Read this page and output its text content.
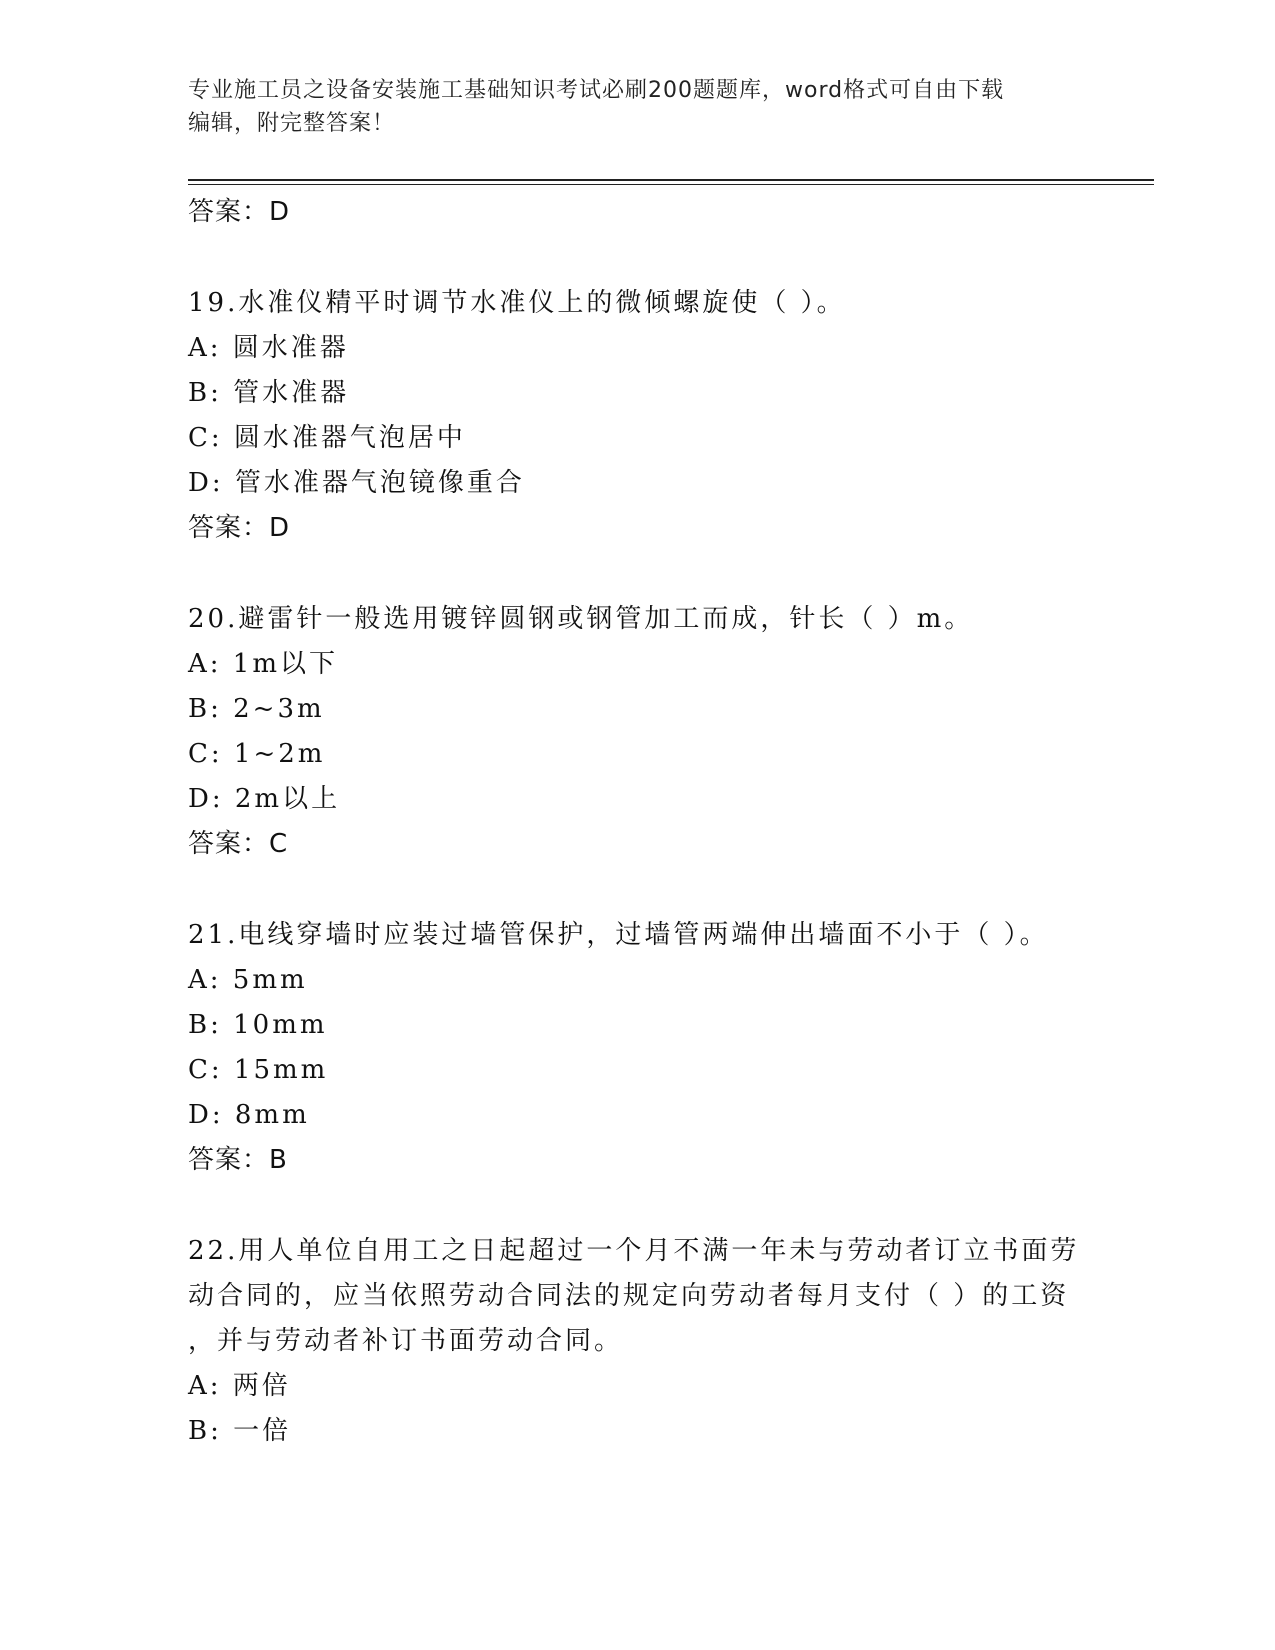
专业施工员之设备安装施工基础知识考试必刷200题题库，word格式可自由下载
编辑，附完整答案！
答案：D
19.水准仪精平时调节水准仪上的微倾螺旋使（ ）。
A: 圆水准器
B: 管水准器
C: 圆水准器气泡居中
D: 管水准器气泡镜像重合
答案：D
20.避雷针一般选用镀锌圆钢或钢管加工而成，针长（ ）m。
A: 1m以下
B: 2~3m
C: 1~2m
D: 2m以上
答案：C
21.电线穿墙时应装过墙管保护，过墙管两端伸出墙面不小于（ ）。
A: 5mm
B: 10mm
C: 15mm
D: 8mm
答案：B
22.用人单位自用工之日起超过一个月不满一年未与劳动者订立书面劳
动合同的，应当依照劳动合同法的规定向劳动者每月支付（ ）的工资
，并与劳动者补订书面劳动合同。
A: 两倍
B: 一倍
